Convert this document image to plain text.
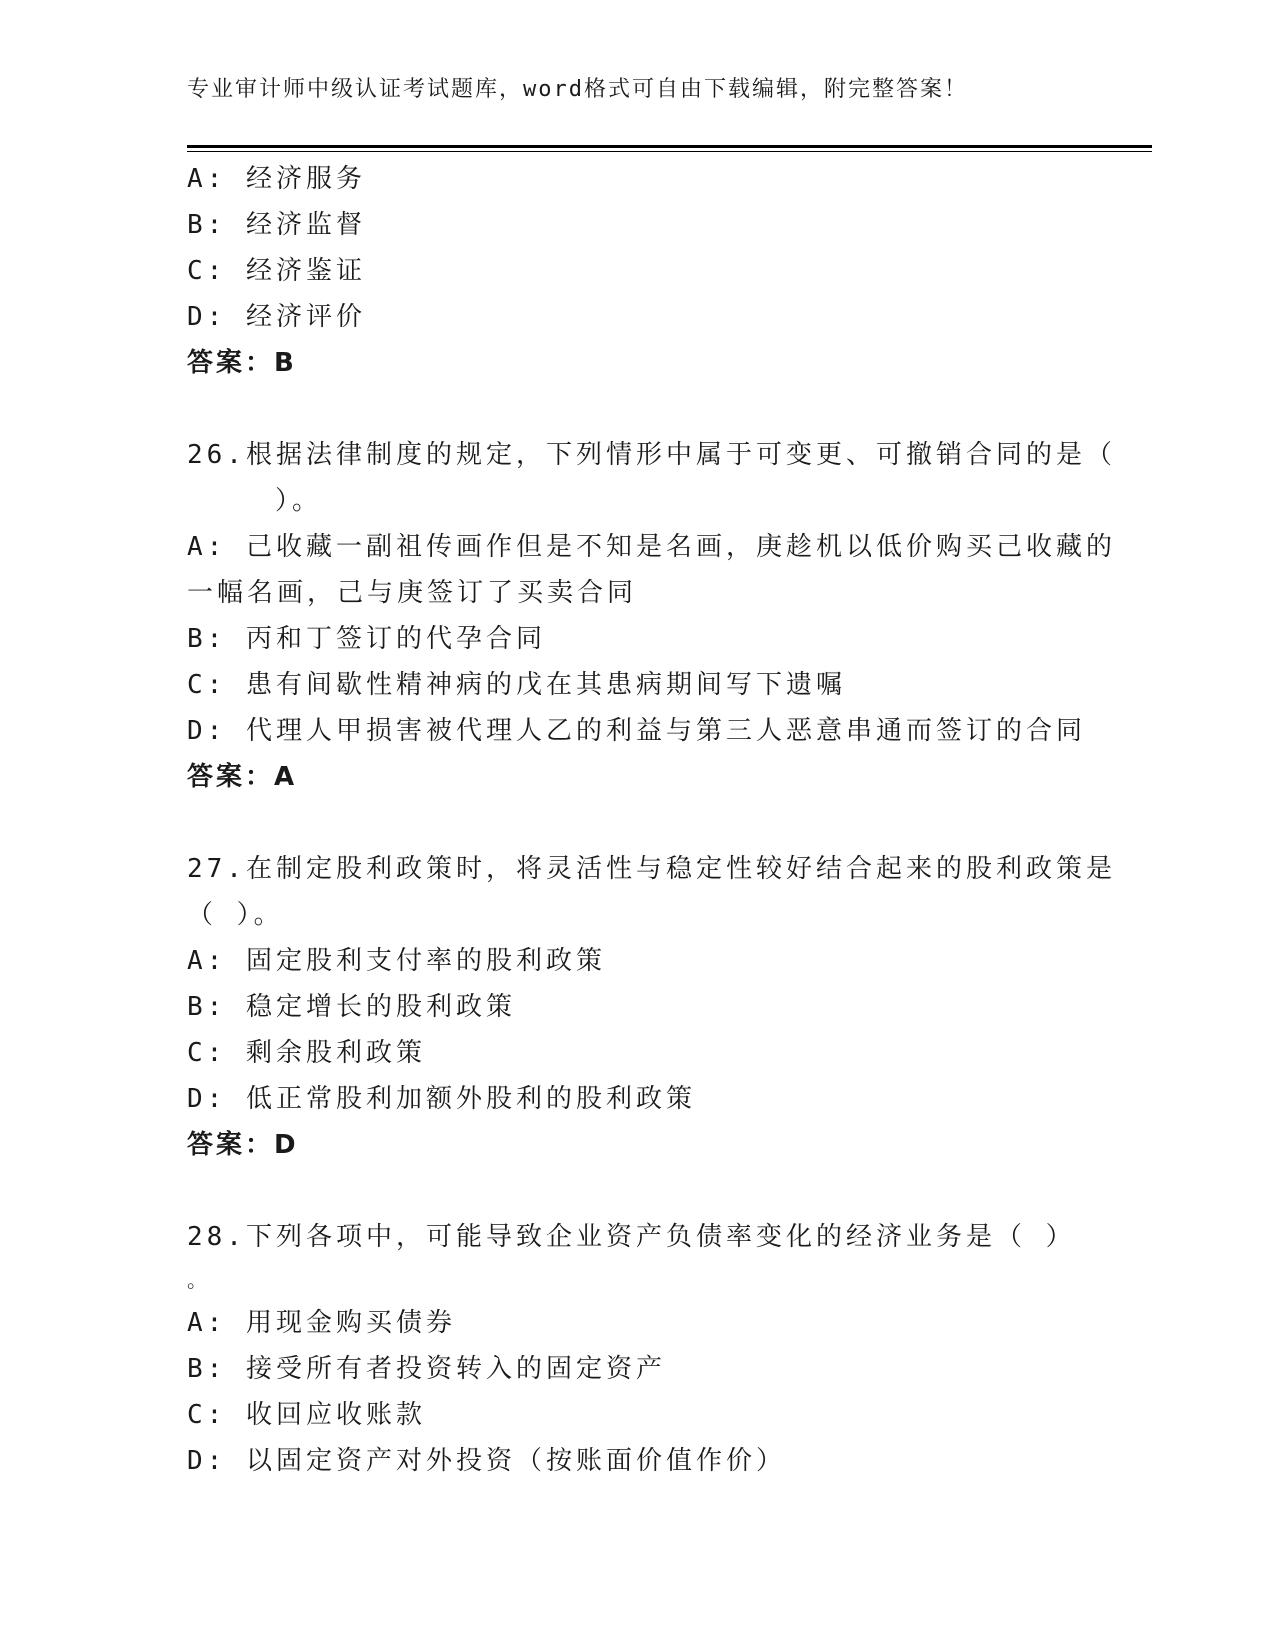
专业审计师中级认证考试题库，word格式可自由下载编辑，附完整答案！
A: 经济服务
B: 经济监督
C: 经济鉴证
D: 经济评价
答案：B
26.根据法律制度的规定，下列情形中属于可变更、可撤销合同的是（
）。
A: 己收藏一副祖传画作但是不知是名画，庚趁机以低价购买己收藏的
一幅名画，己与庚签订了买卖合同
B: 丙和丁签订的代孕合同
C: 患有间歇性精神病的戊在其患病期间写下遗嘱
D: 代理人甲损害被代理人乙的利益与第三人恶意串通而签订的合同
答案：A
27.在制定股利政策时，将灵活性与稳定性较好结合起来的股利政策是
（ ）。
A: 固定股利支付率的股利政策
B: 稳定增长的股利政策
C: 剩余股利政策
D: 低正常股利加额外股利的股利政策
答案：D
28.下列各项中，可能导致企业资产负债率变化的经济业务是（ ）
。
A: 用现金购买债券
B: 接受所有者投资转入的固定资产
C: 收回应收账款
D: 以固定资产对外投资（按账面价值作价）
